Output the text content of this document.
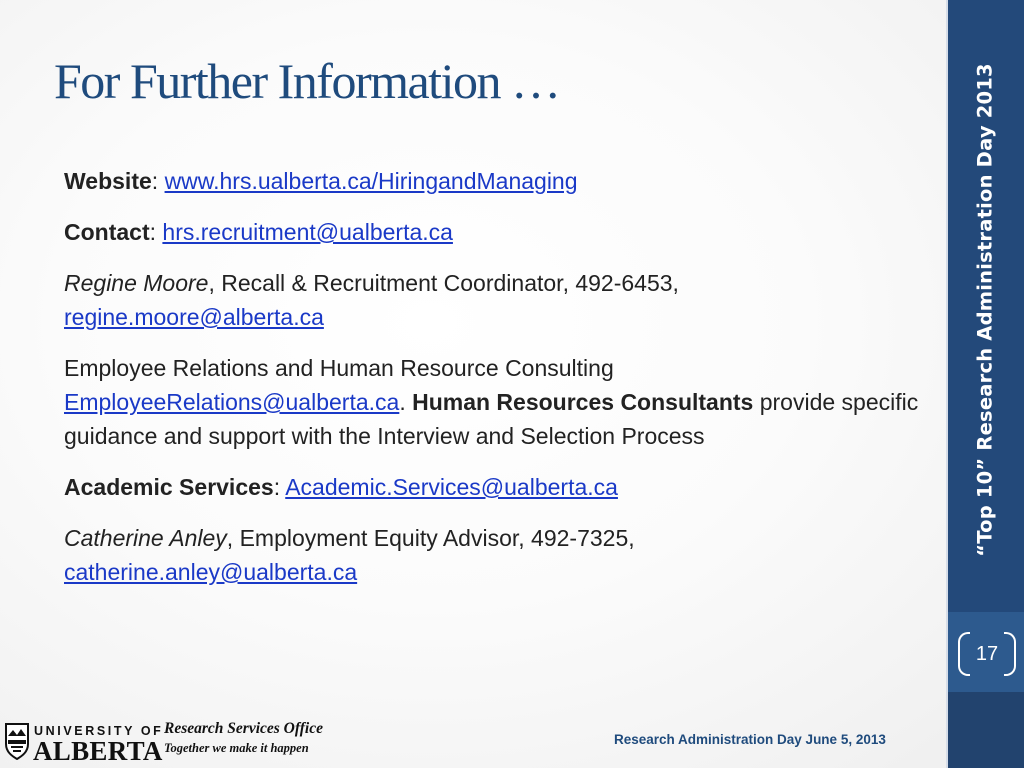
For Further Information …

Website: www.hrs.ualberta.ca/HiringandManaging

Contact: hrs.recruitment@ualberta.ca

Regine Moore, Recall & Recruitment Coordinator, 492-6453,
regine.moore@alberta.ca

Employee Relations and Human Resource Consulting
EmployeeRelations@ualberta.ca. Human Resources Consultants provide specific guidance and support with the Interview and Selection Process

Academic Services: Academic.Services@ualberta.ca

Catherine Anley, Employment Equity Advisor, 492-7325,
catherine.anley@ualberta.ca

“Top 10” Research Administration Day 2013
17
UNIVERSITY OF
ALBERTA
Research Services Office
Together we make it happen
Research Administration Day June 5, 2013
